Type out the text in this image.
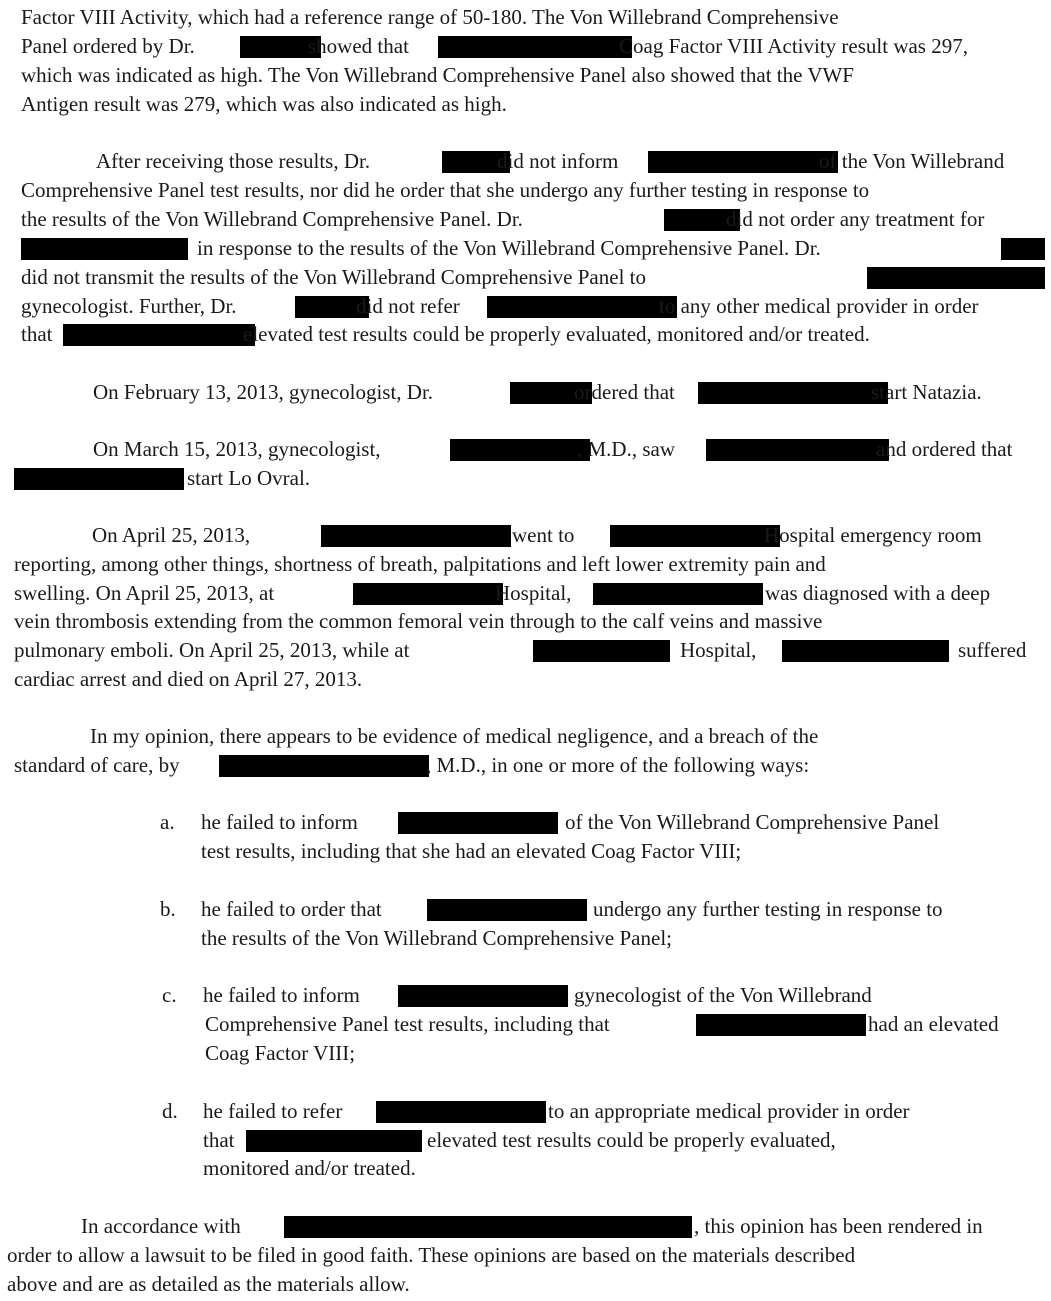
Factor VIII Activity, which had a reference range of 50-180. The Von Willebrand Comprehensive
Panel ordered by Dr.	showed that	Coag Factor VIII Activity result was 297,
which was indicated as high. The Von Willebrand Comprehensive Panel also showed that the VWF
Antigen result was 279, which was also indicated as high.
After receiving those results, Dr.	did not inform	of the Von Willebrand
Comprehensive Panel test results, nor did he order that she undergo any further testing in response to
the results of the Von Willebrand Comprehensive Panel. Dr.	did not order any treatment for
in response to the results of the Von Willebrand Comprehensive Panel. Dr.
did not transmit the results of the Von Willebrand Comprehensive Panel to
gynecologist. Further, Dr.	did not refer	to any other medical provider in order
that	elevated test results could be properly evaluated, monitored and/or treated.
On February 13, 2013, gynecologist, Dr.	ordered that	start Natazia.
On March 15, 2013, gynecologist,	, M.D., saw	and ordered that
start Lo Ovral.
On April 25, 2013,	went to	Hospital emergency room
reporting, among other things, shortness of breath, palpitations and left lower extremity pain and
swelling. On April 25, 2013, at	Hospital,	was diagnosed with a deep
vein thrombosis extending from the common femoral vein through to the calf veins and massive
pulmonary emboli. On April 25, 2013, while at	Hospital,	suffered
cardiac arrest and died on April 27, 2013.
In my opinion, there appears to be evidence of medical negligence, and a breach of the
standard of care, by	, M.D., in one or more of the following ways:
a. he failed to inform	of the Von Willebrand Comprehensive Panel
test results, including that she had an elevated Coag Factor VIII;
b. he failed to order that	undergo any further testing in response to
the results of the Von Willebrand Comprehensive Panel;
c. he failed to inform	gynecologist of the Von Willebrand
Comprehensive Panel test results, including that	had an elevated
Coag Factor VIII;
d. he failed to refer	to an appropriate medical provider in order
that	elevated test results could be properly evaluated,
monitored and/or treated.
In accordance with	, this opinion has been rendered in
order to allow a lawsuit to be filed in good faith. These opinions are based on the materials described
above and are as detailed as the materials allow.
